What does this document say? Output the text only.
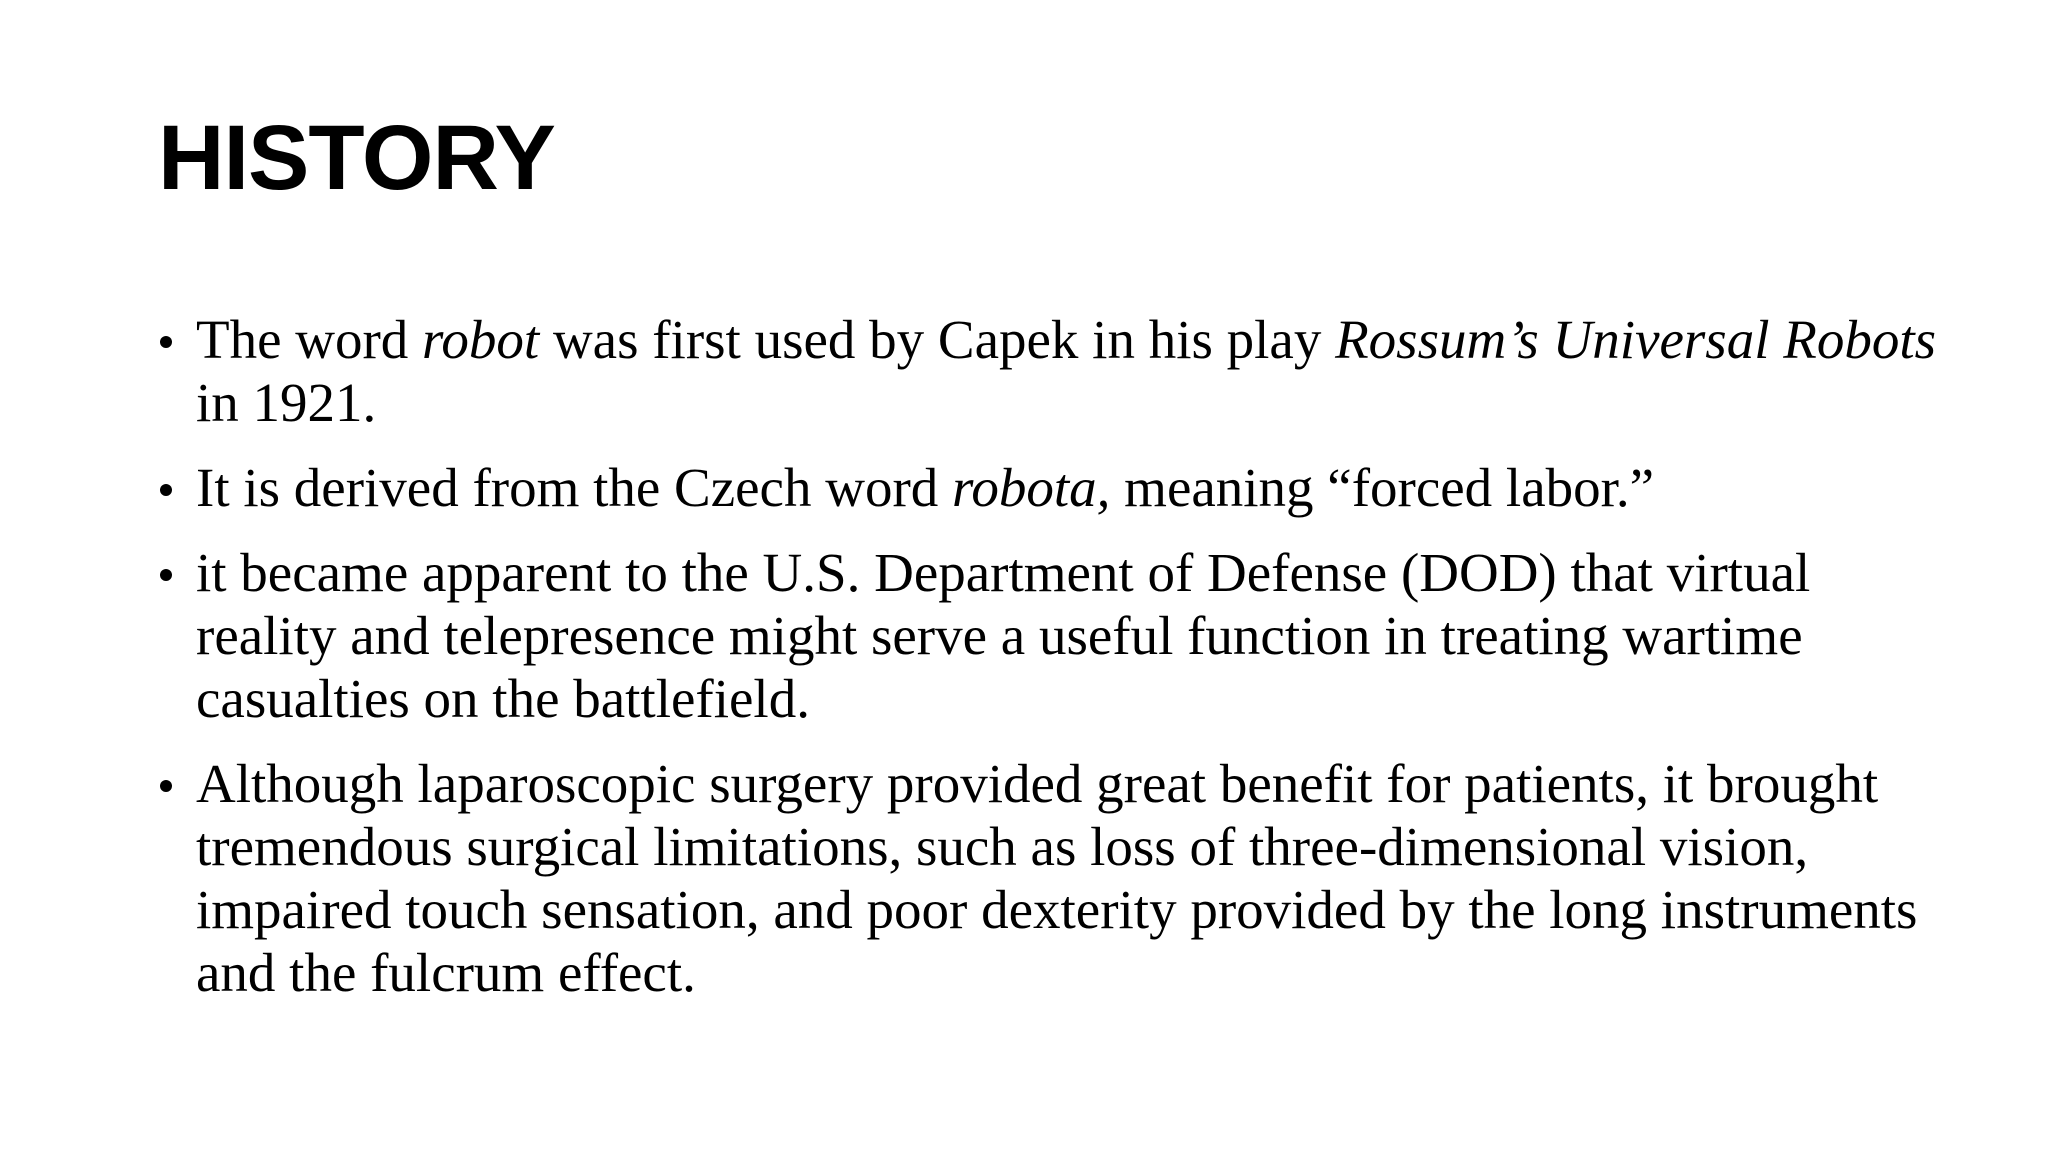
HISTORY
The word robot was first used by Capek in his play Rossum’s Universal Robots in 1921.
It is derived from the Czech word robota, meaning “forced labor.”
it became apparent to the U.S. Department of Defense (DOD) that virtual reality and telepresence might serve a useful function in treating wartime casualties on the battlefield.
Although laparoscopic surgery provided great benefit for patients, it brought tremendous surgical limitations, such as loss of three-dimensional vision, impaired touch sensation, and poor dexterity provided by the long instruments and the fulcrum effect.
